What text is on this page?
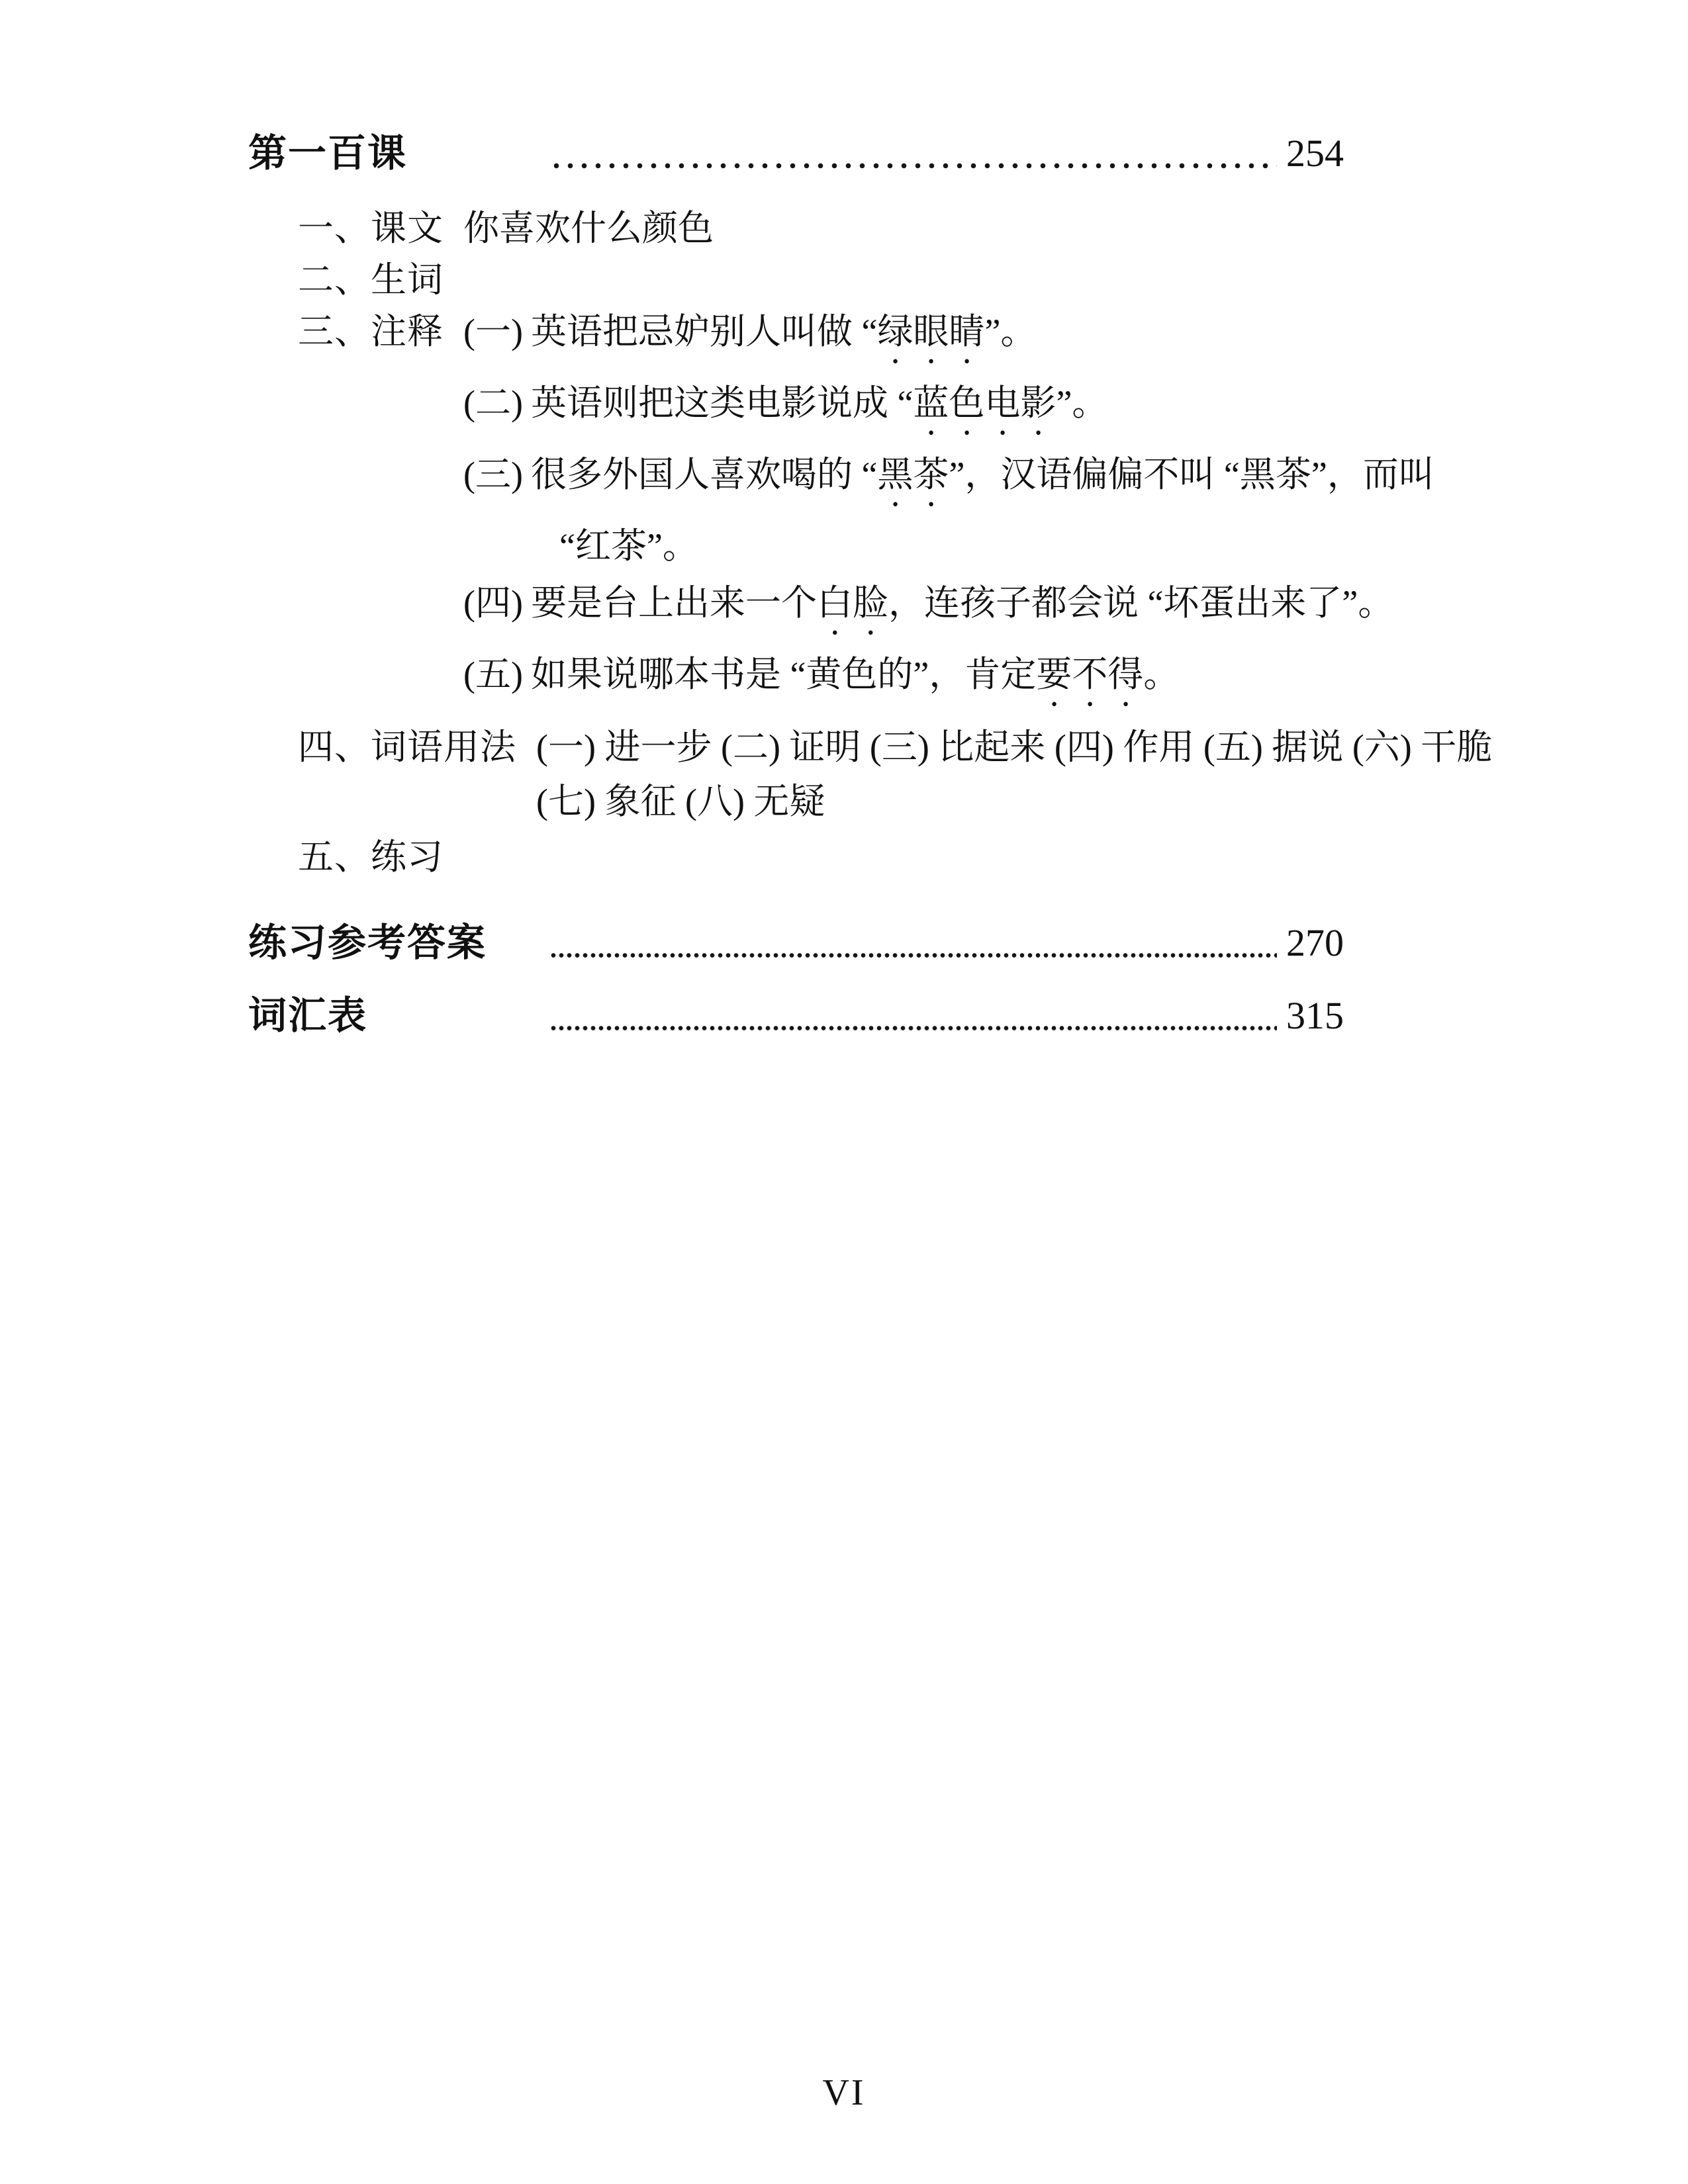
第一百课	254
一、课文 你喜欢什么颜色
二、生词
三、注释 (一) 英语把忌妒别人叫做 “绿眼睛”。
(二) 英语则把这类电影说成 “蓝色电影”。
(三) 很多外国人喜欢喝的 “黑茶”，汉语偏偏不叫 “黑茶”，而叫
“红茶”。
(四) 要是台上出来一个白脸，连孩子都会说 “坏蛋出来了”。
(五) 如果说哪本书是 “黄色的”，肯定要不得。
四、词语用法 (一) 进一步 (二) 证明 (三) 比起来 (四) 作用 (五) 据说 (六) 干脆
(七) 象征 (八) 无疑
五、练习
练习参考答案	270
词汇表	315
VI
